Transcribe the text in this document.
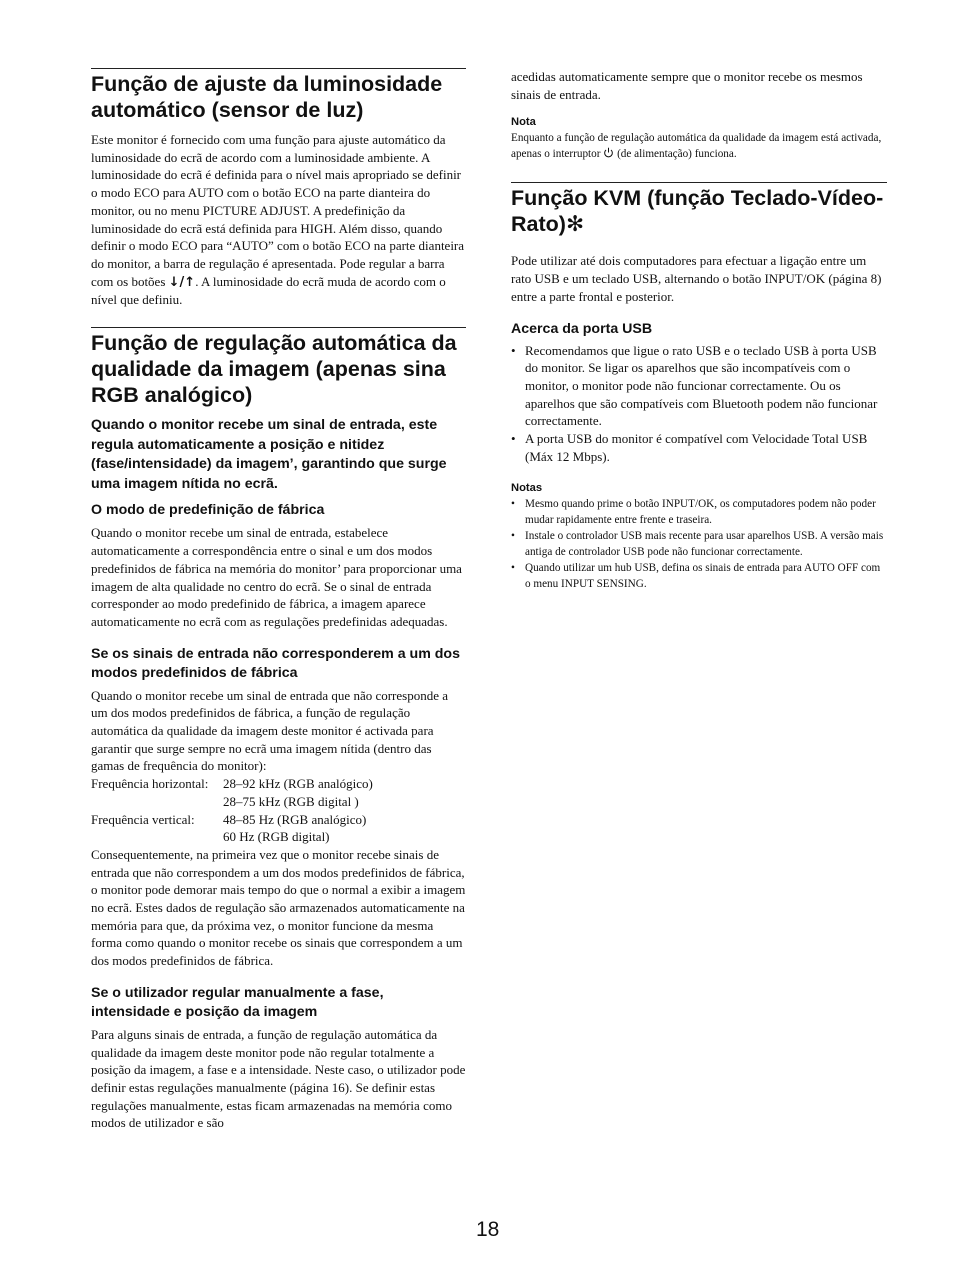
Função de ajuste da luminosidade automático (sensor de luz)

Este monitor é fornecido com uma função para ajuste automático da luminosidade do ecrã de acordo com a luminosidade ambiente. A luminosidade do ecrã é definida para o nível mais apropriado se definir o modo ECO para AUTO com o botão ECO na parte dianteira do monitor, ou no menu PICTURE ADJUST. A predefinição da luminosidade do ecrã está definida para HIGH. Além disso, quando definir o modo ECO para “AUTO” com o botão ECO na parte dianteira do monitor, a barra de regulação é apresentada. Pode regular a barra com os botões ↓/↑. A luminosidade do ecrã muda de acordo com o nível que definiu.

Função de regulação automática da qualidade da imagem (apenas sina RGB analógico)

Quando o monitor recebe um sinal de entrada, este regula automaticamente a posição e nitidez (fase/intensidade) da imagem’, garantindo que surge uma imagem nítida no ecrã.

O modo de predefinição de fábrica

Quando o monitor recebe um sinal de entrada, estabelece automaticamente a correspondência entre o sinal e um dos modos predefinidos de fábrica na memória do monitor’ para proporcionar uma imagem de alta qualidade no centro do ecrã. Se o sinal de entrada corresponder ao modo predefinido de fábrica, a imagem aparece automaticamente no ecrã com as regulações predefinidas adequadas.

Se os sinais de entrada não corresponderem a um dos modos predefinidos de fábrica

Quando o monitor recebe um sinal de entrada que não corresponde a um dos modos predefinidos de fábrica, a função de regulação automática da qualidade da imagem deste monitor é activada para garantir que surge sempre no ecrã uma imagem nítida (dentro das gamas de frequência do monitor):

Frequência horizontal:	28–92 kHz (RGB analógico)
28–75 kHz (RGB digital )
Frequência vertical:	48–85 Hz (RGB analógico)
60 Hz (RGB digital)

Consequentemente, na primeira vez que o monitor recebe sinais de entrada que não correspondem a um dos modos predefinidos de fábrica, o monitor pode demorar mais tempo do que o normal a exibir a imagem no ecrã. Estes dados de regulação são armazenados automaticamente na memória para que, da próxima vez, o monitor funcione da mesma forma como quando o monitor recebe os sinais que correspondem a um dos modos predefinidos de fábrica.

Se o utilizador regular manualmente a fase, intensidade e posição da imagem

Para alguns sinais de entrada, a função de regulação automática da qualidade da imagem deste monitor pode não regular totalmente a posição da imagem, a fase e a intensidade. Neste caso, o utilizador pode definir estas regulações manualmente (página 16). Se definir estas regulações manualmente, estas ficam armazenadas na memória como modos de utilizador e são

acedidas automaticamente sempre que o monitor recebe os mesmos sinais de entrada.

Nota

Enquanto a função de regulação automática da qualidade da imagem está activada, apenas o interruptor  (de alimentação) funciona.

Função KVM (função Teclado-Vídeo-Rato)✻

Pode utilizar até dois computadores para efectuar a ligação entre um rato USB e um teclado USB, alternando o botão INPUT/OK (página 8) entre a parte frontal e posterior.

Acerca da porta USB
• Recomendamos que ligue o rato USB e o teclado USB à porta USB do monitor. Se ligar os aparelhos que são incompatíveis com o monitor, o monitor pode não funcionar correctamente. Ou os aparelhos que são compatíveis com Bluetooth podem não funcionar correctamente.
• A porta USB do monitor é compatível com Velocidade Total USB (Máx 12 Mbps).
Notas
• Mesmo quando prime o botão INPUT/OK, os computadores podem não poder mudar rapidamente entre frente e traseira.
• Instale o controlador USB mais recente para usar aparelhos USB. A versão mais antiga de controlador USB pode não funcionar correctamente.
• Quando utilizar um hub USB, defina os sinais de entrada para AUTO OFF com o menu INPUT SENSING.
18
